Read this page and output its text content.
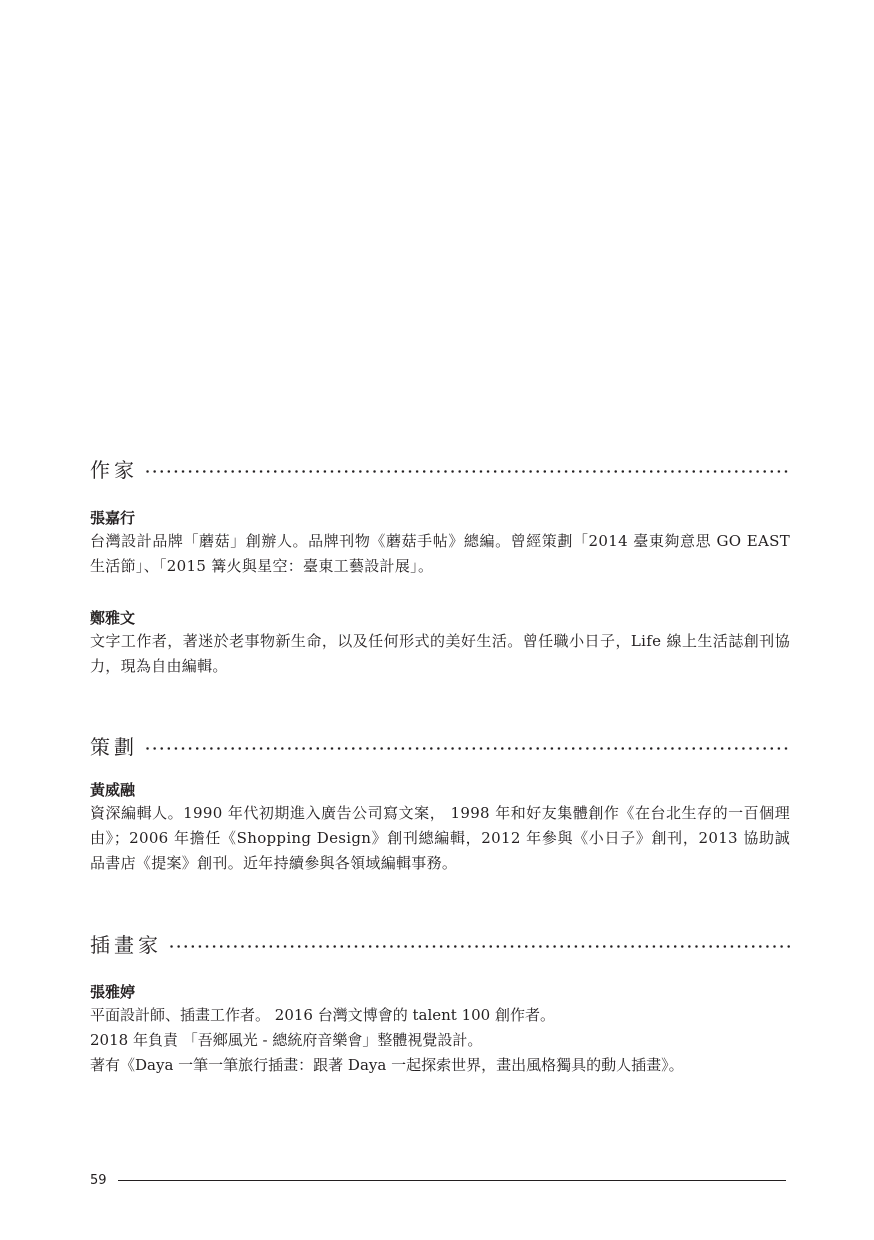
作家

張嘉行

台灣設計品牌「蘑菇」創辦人。品牌刊物《蘑菇手帖》總編。曾經策劃「2014 臺東夠意思 GO EAST 生活節」、「2015 篝火與星空：臺東工藝設計展」。

鄭雅文

文字工作者，著迷於老事物新生命，以及任何形式的美好生活。曾任職小日子，Life 線上生活誌創刊協力，現為自由編輯。

策劃

黃威融

資深編輯人。1990 年代初期進入廣告公司寫文案， 1998 年和好友集體創作《在台北生存的一百個理由》；2006 年擔任《Shopping Design》創刊總編輯，2012 年參與《小日子》創刊，2013 協助誠品書店《提案》創刊。近年持續參與各領域編輯事務。

插畫家

張雅婷

平面設計師、插畫工作者。 2016 台灣文博會的 talent 100 創作者。
2018 年負責 「吾鄉風光 - 總統府音樂會」整體視覺設計。
著有《Daya 一筆一筆旅行插畫：跟著 Daya 一起探索世界，畫出風格獨具的動人插畫》。
59
